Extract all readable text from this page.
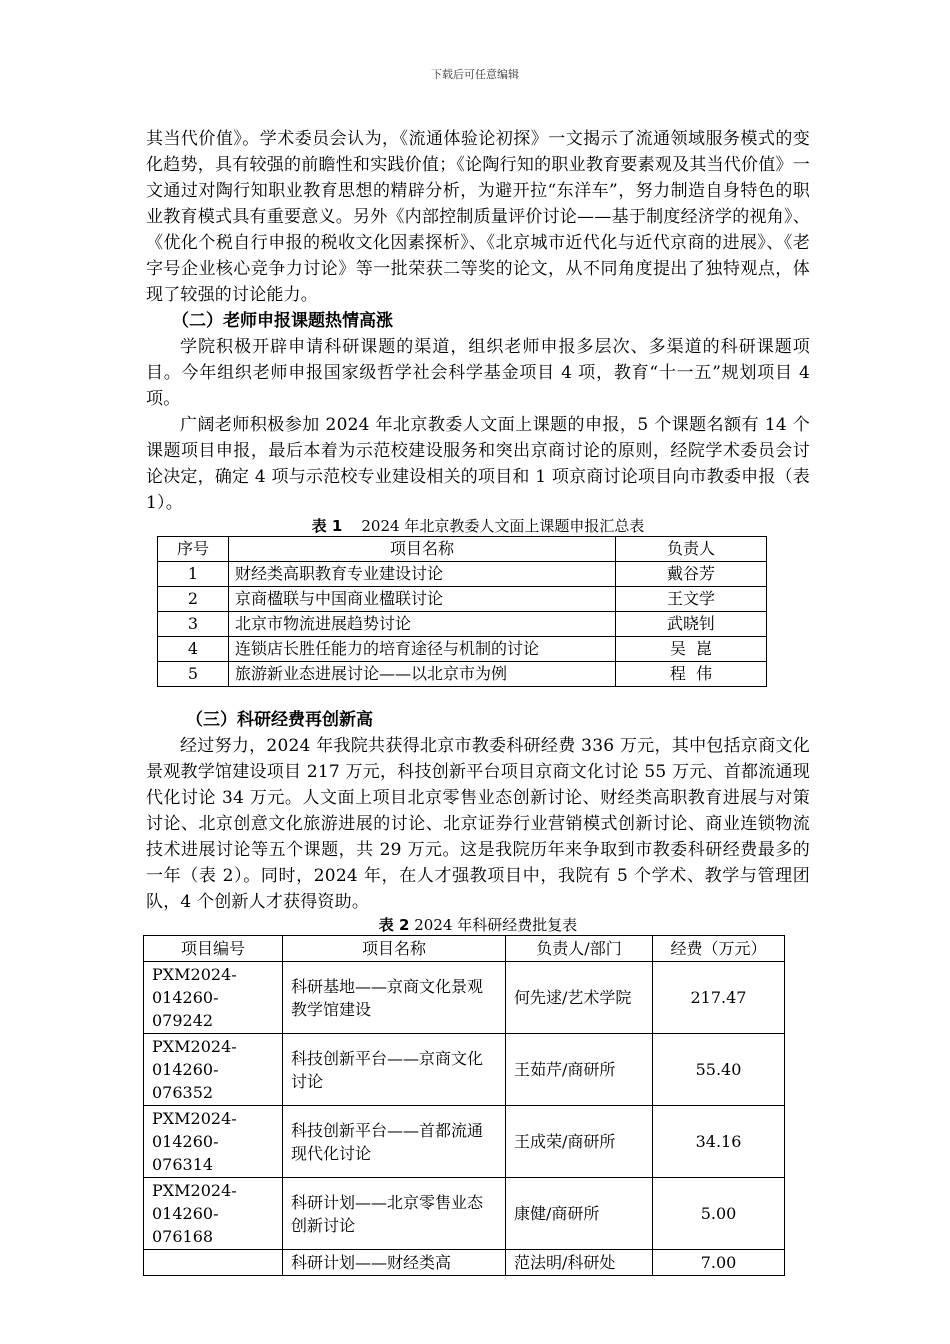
下载后可任意编辑

其当代价值》。学术委员会认为，《流通体验论初探》一文揭示了流通领域服务模式的变化趋势，具有较强的前瞻性和实践价值；《论陶行知的职业教育要素观及其当代价值》一文通过对陶行知职业教育思想的精辟分析，为避开拉“东洋车”，努力制造自身特色的职业教育模式具有重要意义。另外《内部控制质量评价讨论——基于制度经济学的视角》、《优化个税自行申报的税收文化因素探析》、《北京城市近代化与近代京商的进展》、《老字号企业核心竞争力讨论》等一批荣获二等奖的论文，从不同角度提出了独特观点，体现了较强的讨论能力。

（二）老师申报课题热情高涨

学院积极开辟申请科研课题的渠道，组织老师申报多层次、多渠道的科研课题项目。今年组织老师申报国家级哲学社会科学基金项目 4 项，教育“十一五”规划项目 4 项。

广阔老师积极参加 2024 年北京教委人文面上课题的申报，5 个课题名额有 14 个课题项目申报，最后本着为示范校建设服务和突出京商讨论的原则，经院学术委员会讨论决定，确定 4 项与示范校专业建设相关的项目和 1 项京商讨论项目向市教委申报（表 1）。

表 1 2024 年北京教委人文面上课题申报汇总表

序号	项目名称	负责人
1	财经类高职教育专业建设讨论	戴谷芳
2	京商楹联与中国商业楹联讨论	王文学
3	北京市物流进展趋势讨论	武晓钊
4	连锁店长胜任能力的培育途径与机制的讨论	吴  崑
5	旅游新业态进展讨论——以北京市为例	程  伟
（三）科研经费再创新高

经过努力，2024 年我院共获得北京市教委科研经费 336 万元，其中包括京商文化景观教学馆建设项目 217 万元，科技创新平台项目京商文化讨论 55 万元、首都流通现代化讨论 34 万元。人文面上项目北京零售业态创新讨论、财经类高职教育进展与对策讨论、北京创意文化旅游进展的讨论、北京证券行业营销模式创新讨论、商业连锁物流技术进展讨论等五个课题，共 29 万元。这是我院历年来争取到市教委科研经费最多的一年（表 2）。同时，2024 年，在人才强教项目中，我院有 5 个学术、教学与管理团队，4 个创新人才获得资助。

表 2 2024 年科研经费批复表

项目编号	项目名称	负责人/部门	经费（万元）
PXM2024-014260-079242	科研基地——京商文化景观教学馆建设	何先逑/艺术学院	217.47
PXM2024-014260-076352	科技创新平台——京商文化讨论	王茹芹/商研所	55.40
PXM2024-014260-076314	科技创新平台——首都流通现代化讨论	王成荣/商研所	34.16
PXM2024-014260-076168	科研计划——北京零售业态创新讨论	康健/商研所	5.00
	科研计划——财经类高	范法明/科研处	7.00
